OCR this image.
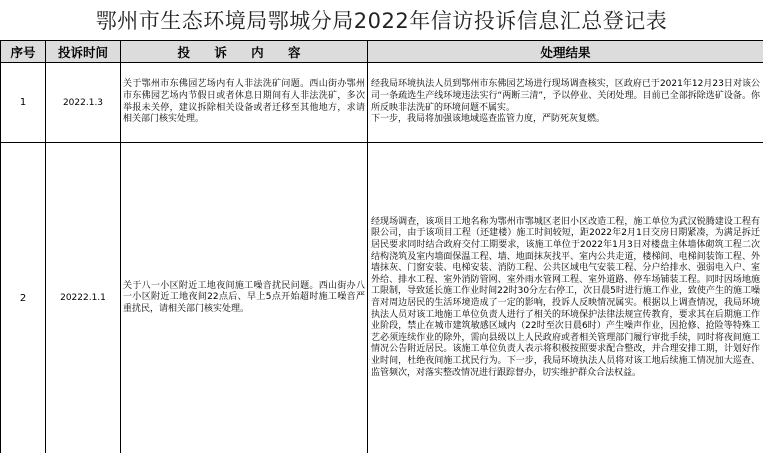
鄂州市生态环境局鄂城分局2022年信访投诉信息汇总登记表
序号	投诉时间	投 诉 内 容	处理结果
1	2022.1.3	关于鄂州市东佛园艺场内有人非法洗矿问题。西山街办鄂州市东佛园艺场内节假日或者休息日期间有人非法洗矿，多次举报未关停，建议拆除相关设备或者迁移至其他地方，求请相关部门核实处理。	经我局环境执法人员到鄂州市东佛园艺场进行现场调查核实，区政府已于2021年12月23日对该公司一条疏选生产线环境违法实行“两断三清”，予以停业、关闭处理。目前已全部拆除选矿设备。你所反映非法洗矿的环境问题不属实。

下一步，我局将加强该地域巡查监管力度，严防死灰复燃。

2	20222.1.1	关于八一小区附近工地夜间施工噪音扰民问题。西山街办八一小区附近工地夜间22点后、早上5点开始超时施工噪音严重扰民，请相关部门核实处理。	经现场调查，该项目工地名称为鄂州市鄂城区老旧小区改造工程，施工单位为武汉锐腾建设工程有限公司，由于该项目工程（还建楼）施工时间较短，距2022年2月1日交房日期紧凑，为满足拆迁居民要求同时结合政府交付工期要求，该施工单位于2022年1月3日对楼盘主体墙体砌筑工程二次结构浇筑及室内墙面保温工程、墙、地面抹灰找平、室内公共走道，楼梯间、电梯间装饰工程、外墙抹灰、门窗安装、电梯安装、消防工程、公共区域电气安装工程、分户给排水、强弱电入户、室外给、排水工程、室外消防管网、室外雨水管网工程、室外道路、停车场铺装工程。同时因场地施工限制，导致延长施工作业时间22时30分左右停工，次日晨5时进行施工作业，致使产生的施工噪音对周边居民的生活环境造成了一定的影响，投诉人反映情况属实。根据以上调查情况，我局环境执法人员对该工地施工单位负责人进行了相关的环境保护法律法规宣传教育，要求其在后期施工作业阶段，禁止在城市建筑敏感区域内（22时至次日晨6时）产生噪声作业，因抢修、抢险等特殊工艺必须连续作业的除外，需向县级以上人民政府或者相关管理部门履行审批手续，同时将夜间施工情况公告附近居民。该施工单位负责人表示将积极按照要求配合整改，并合理安排工期，计划好作业时间，杜绝夜间施工扰民行为。下一步，我局环境执法人员将对该工地后续施工情况加大巡查、监管频次，对落实整改情况进行跟踪督办，切实维护群众合法权益。
